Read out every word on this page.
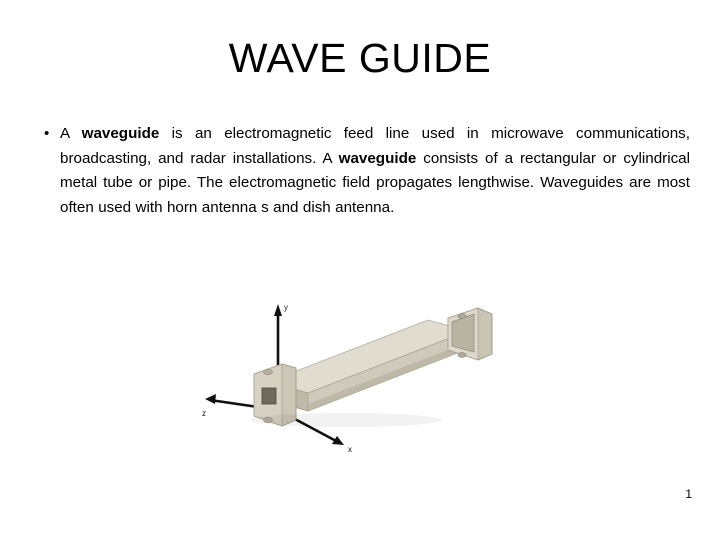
WAVE GUIDE
• A waveguide is an electromagnetic feed line used in microwave communications, broadcasting, and radar installations. A waveguide consists of a rectangular or cylindrical metal tube or pipe. The electromagnetic field propagates lengthwise. Waveguides are most often used with horn antenna s and dish antenna.
y
z
x
1
